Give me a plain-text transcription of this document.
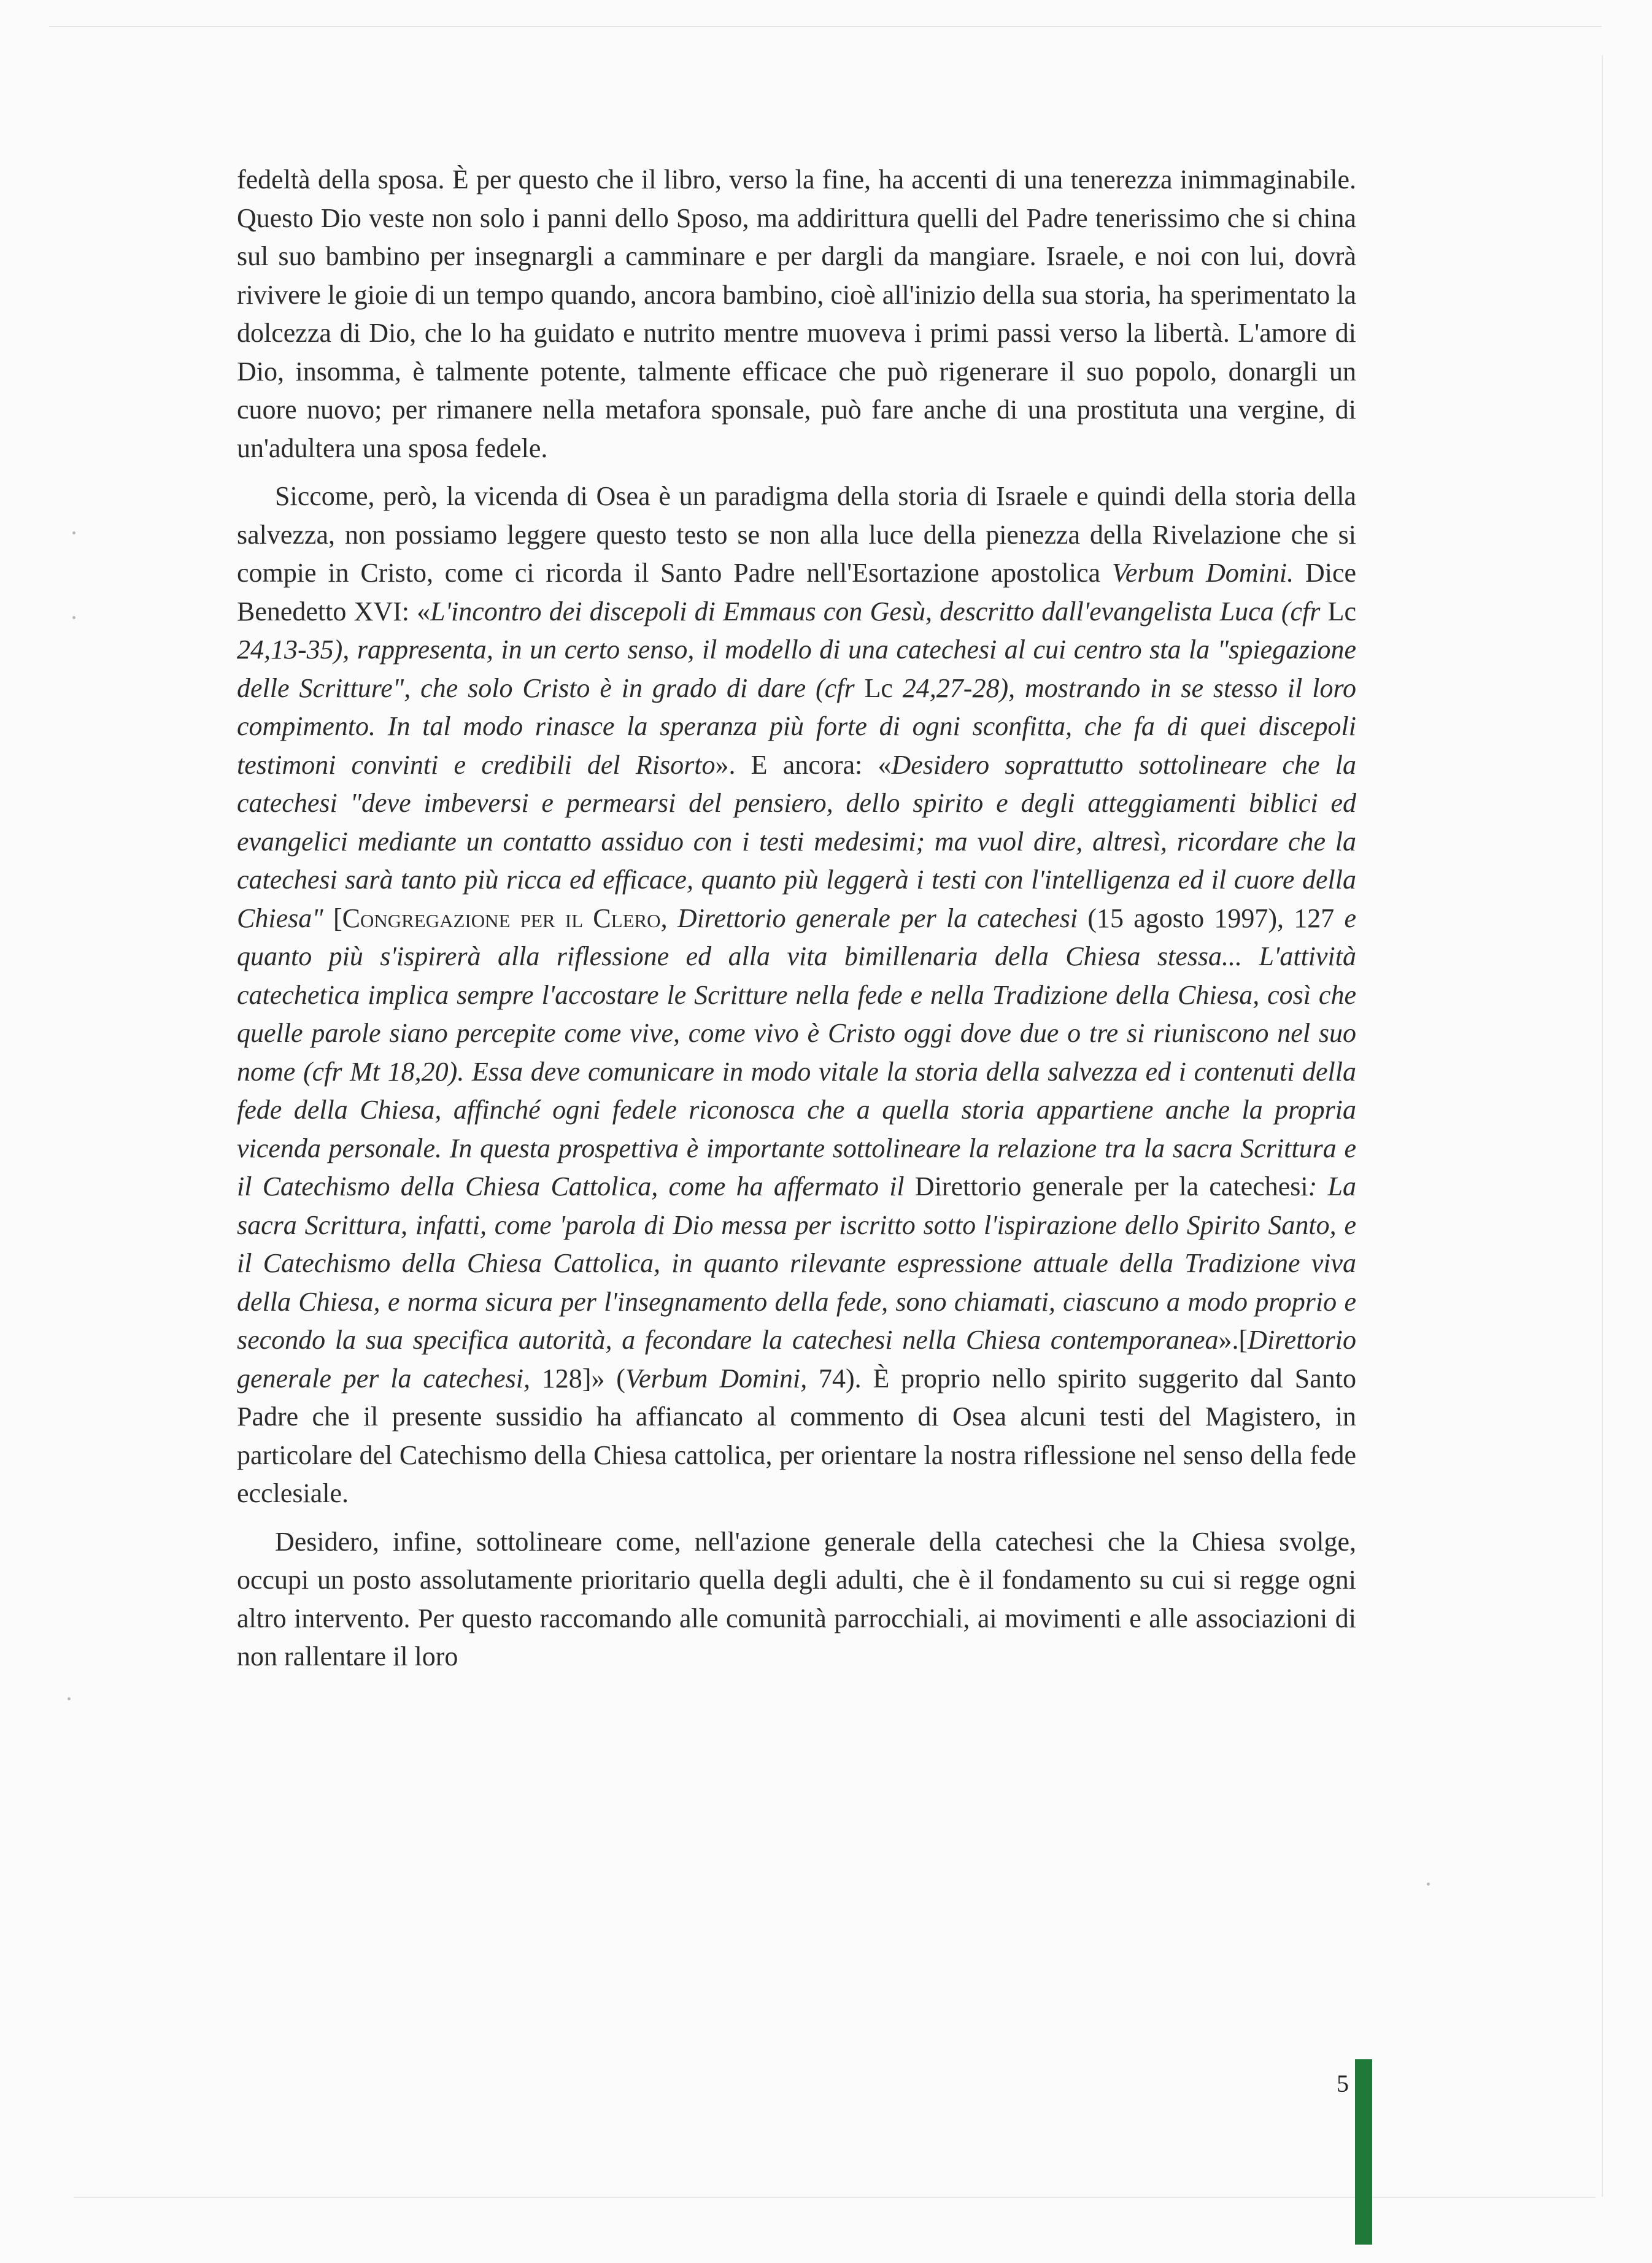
fedeltà della sposa. È per questo che il libro, verso la fine, ha accenti di una tenerezza inimmaginabile. Questo Dio veste non solo i panni dello Sposo, ma addirittura quelli del Padre tenerissimo che si china sul suo bambino per insegnargli a camminare e per dargli da mangiare. Israele, e noi con lui, dovrà rivivere le gioie di un tempo quando, ancora bambino, cioè all'inizio della sua storia, ha sperimentato la dolcezza di Dio, che lo ha guidato e nutrito mentre muoveva i primi passi verso la libertà. L'amore di Dio, insomma, è talmente potente, talmente efficace che può rigenerare il suo popolo, donargli un cuore nuovo; per rimanere nella metafora sponsale, può fare anche di una prostituta una vergine, di un'adultera una sposa fedele.

Siccome, però, la vicenda di Osea è un paradigma della storia di Israele e quindi della storia della salvezza, non possiamo leggere questo testo se non alla luce della pienezza della Rivelazione che si compie in Cristo, come ci ricorda il Santo Padre nell'Esortazione apostolica Verbum Domini. Dice Benedetto XVI: «L'incontro dei discepoli di Emmaus con Gesù, descritto dall'evangelista Luca (cfr Lc 24,13-35), rappresenta, in un certo senso, il modello di una catechesi al cui centro sta la "spiegazione delle Scritture", che solo Cristo è in grado di dare (cfr Lc 24,27-28), mostrando in se stesso il loro compimento. In tal modo rinasce la speranza più forte di ogni sconfitta, che fa di quei discepoli testimoni convinti e credibili del Risorto». E ancora: «Desidero soprattutto sottolineare che la catechesi "deve imbeversi e permearsi del pensiero, dello spirito e degli atteggiamenti biblici ed evangelici mediante un contatto assiduo con i testi medesimi; ma vuol dire, altresì, ricordare che la catechesi sarà tanto più ricca ed efficace, quanto più leggerà i testi con l'intelligenza ed il cuore della Chiesa" [Congregazione per il Clero, Direttorio generale per la catechesi (15 agosto 1997), 127 e quanto più s'ispirerà alla riflessione ed alla vita bimillenaria della Chiesa stessa... L'attività catechetica implica sempre l'accostare le Scritture nella fede e nella Tradizione della Chiesa, così che quelle parole siano percepite come vive, come vivo è Cristo oggi dove due o tre si riuniscono nel suo nome (cfr Mt 18,20). Essa deve comunicare in modo vitale la storia della salvezza ed i contenuti della fede della Chiesa, affinché ogni fedele riconosca che a quella storia appartiene anche la propria vicenda personale. In questa prospettiva è importante sottolineare la relazione tra la sacra Scrittura e il Catechismo della Chiesa Cattolica, come ha affermato il Direttorio generale per la catechesi: La sacra Scrittura, infatti, come 'parola di Dio messa per iscritto sotto l'ispirazione dello Spirito Santo, e il Catechismo della Chiesa Cattolica, in quanto rilevante espressione attuale della Tradizione viva della Chiesa, e norma sicura per l'insegnamento della fede, sono chiamati, ciascuno a modo proprio e secondo la sua specifica autorità, a fecondare la catechesi nella Chiesa contemporanea».[Direttorio generale per la catechesi, 128]» (Verbum Domini, 74). È proprio nello spirito suggerito dal Santo Padre che il presente sussidio ha affiancato al commento di Osea alcuni testi del Magistero, in particolare del Catechismo della Chiesa cattolica, per orientare la nostra riflessione nel senso della fede ecclesiale.

Desidero, infine, sottolineare come, nell'azione generale della catechesi che la Chiesa svolge, occupi un posto assolutamente prioritario quella degli adulti, che è il fondamento su cui si regge ogni altro intervento. Per questo raccomando alle comunità parrocchiali, ai movimenti e alle associazioni di non rallentare il loro

5
